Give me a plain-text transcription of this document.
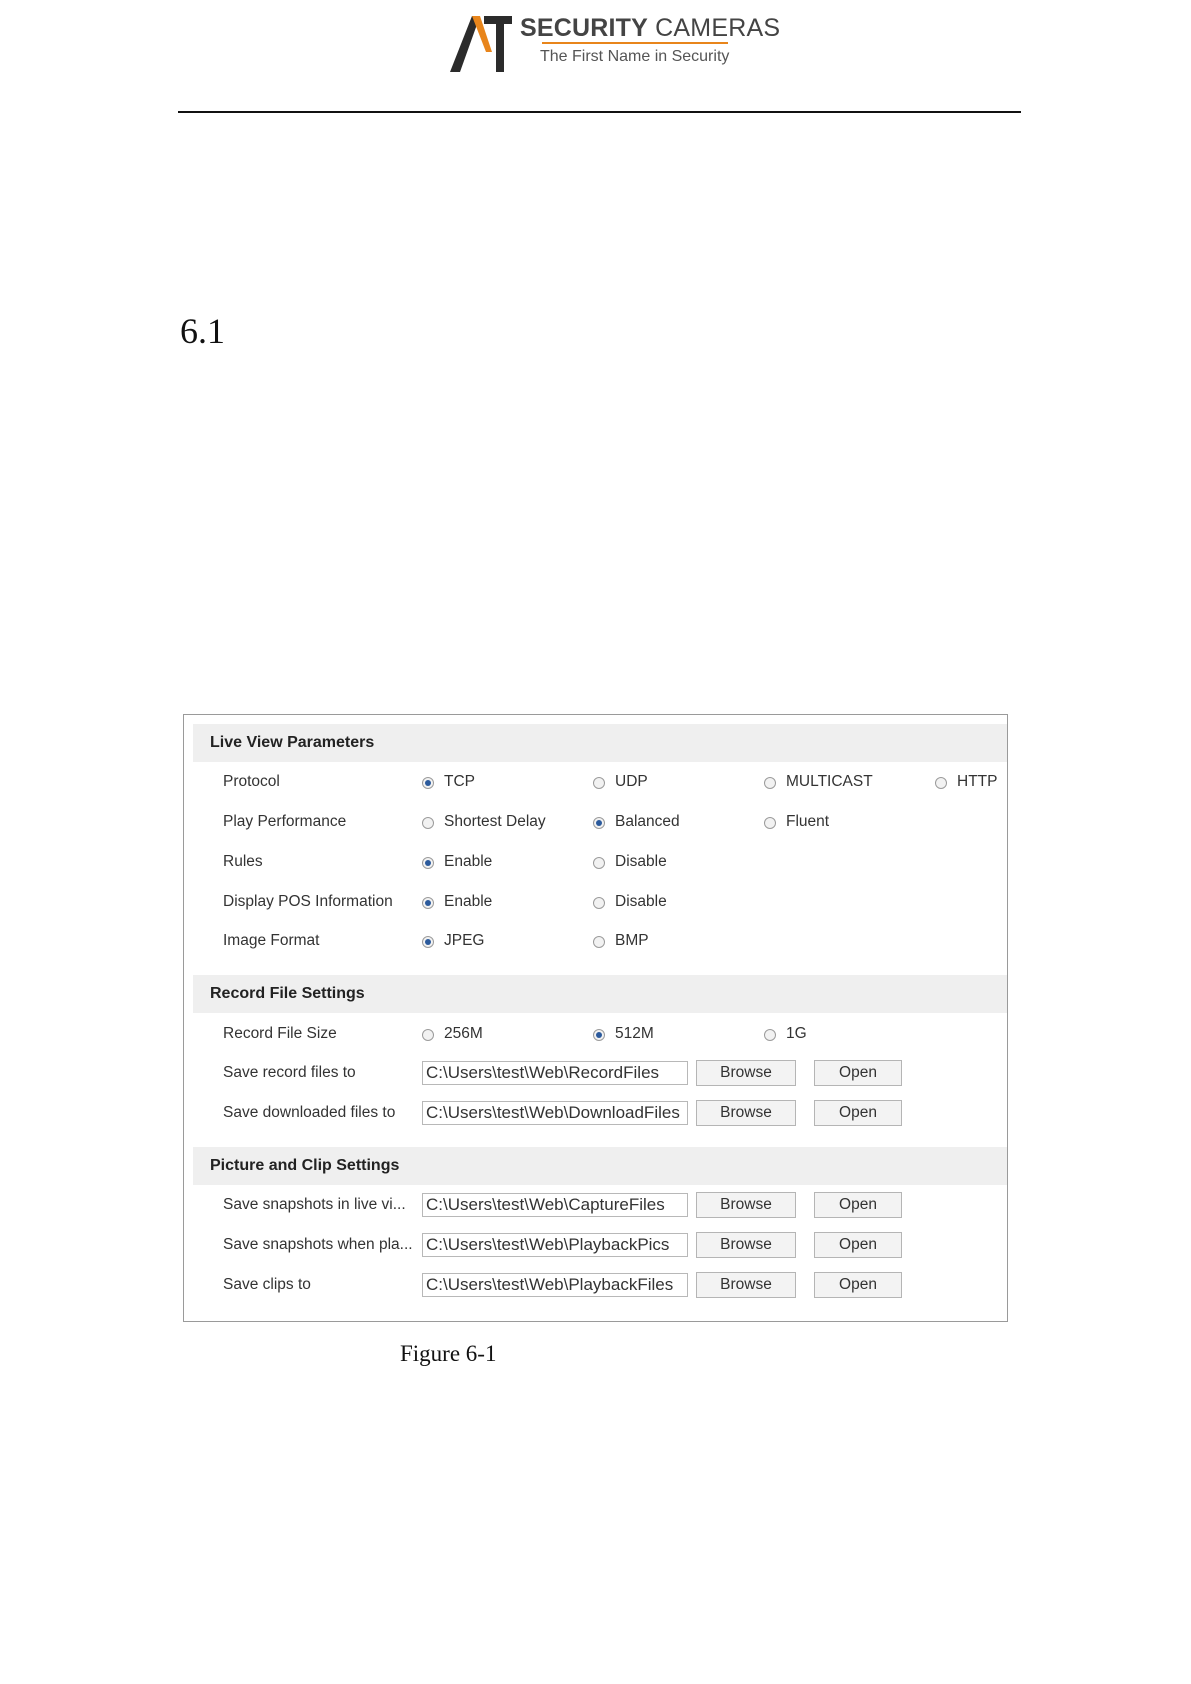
SECURITY CAMERAS
The First Name in Security
6.1
Live View Parameters
Protocol	TCP	UDP	MULTICAST	HTTP
Play Performance	Shortest Delay	Balanced	Fluent
Rules	Enable	Disable
Display POS Information	Enable	Disable
Image Format	JPEG	BMP
Record File Settings
Record File Size	256M	512M	1G
Save record files to	C:\Users\test\Web\RecordFiles	Browse	Open
Save downloaded files to C:\Users\test\Web\DownloadFiles	Browse	Open
Picture and Clip Settings
Save snapshots in live vi... C:\Users\test\Web\CaptureFiles	Browse	Open
Save snapshots when pla... C:\Users\test\Web\PlaybackPics	Browse	Open
Save clips to	C:\Users\test\Web\PlaybackFiles	Browse	Open
Figure 6-1
